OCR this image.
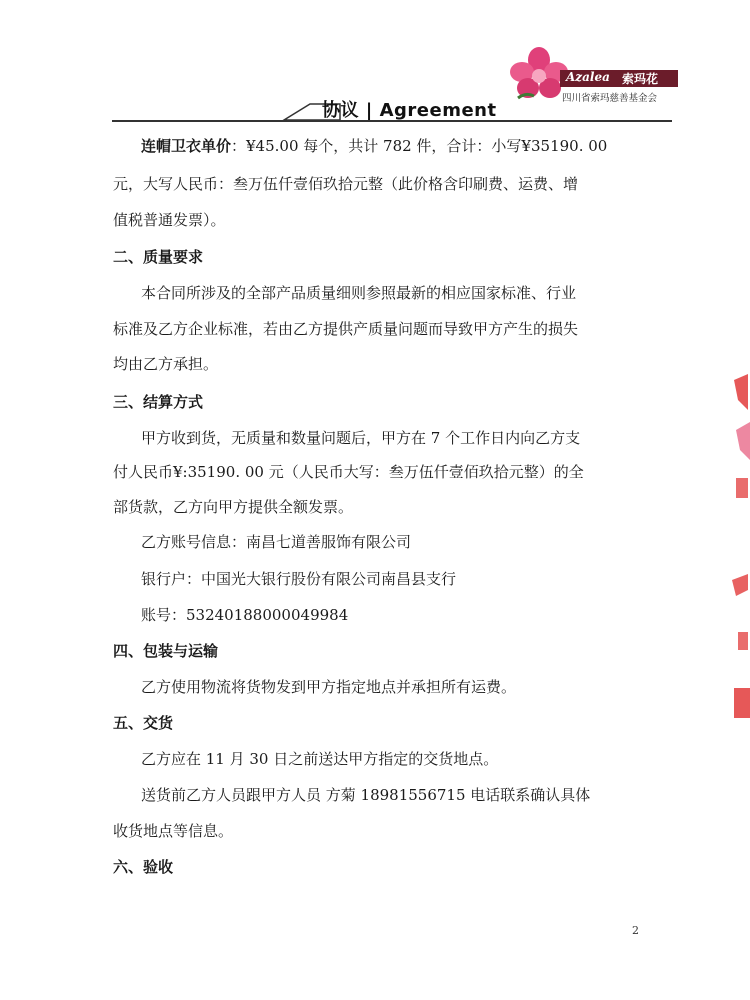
协议 | Agreement
Azalea 索玛花
四川省索玛慈善基金会
连帽卫衣单价：¥45.00 每个，共计 782 件，合计：小写¥35190. 00
元，大写人民币：叁万伍仟壹佰玖拾元整（此价格含印刷费、运费、增
值税普通发票）。
二、质量要求
本合同所涉及的全部产品质量细则参照最新的相应国家标准、行业
标准及乙方企业标准，若由乙方提供产质量问题而导致甲方产生的损失
均由乙方承担。
三、结算方式
甲方收到货，无质量和数量问题后，甲方在 7 个工作日内向乙方支
付人民币¥:35190. 00 元（人民币大写：叁万伍仟壹佰玖拾元整）的全
部货款，乙方向甲方提供全额发票。
乙方账号信息：南昌七道善服饰有限公司
银行户：中国光大银行股份有限公司南昌县支行
账号：53240188000049984
四、包装与运输
乙方使用物流将货物发到甲方指定地点并承担所有运费。
五、交货
乙方应在 11 月 30 日之前送达甲方指定的交货地点。
送货前乙方人员跟甲方人员 方菊 18981556715 电话联系确认具体
收货地点等信息。
六、验收
2
